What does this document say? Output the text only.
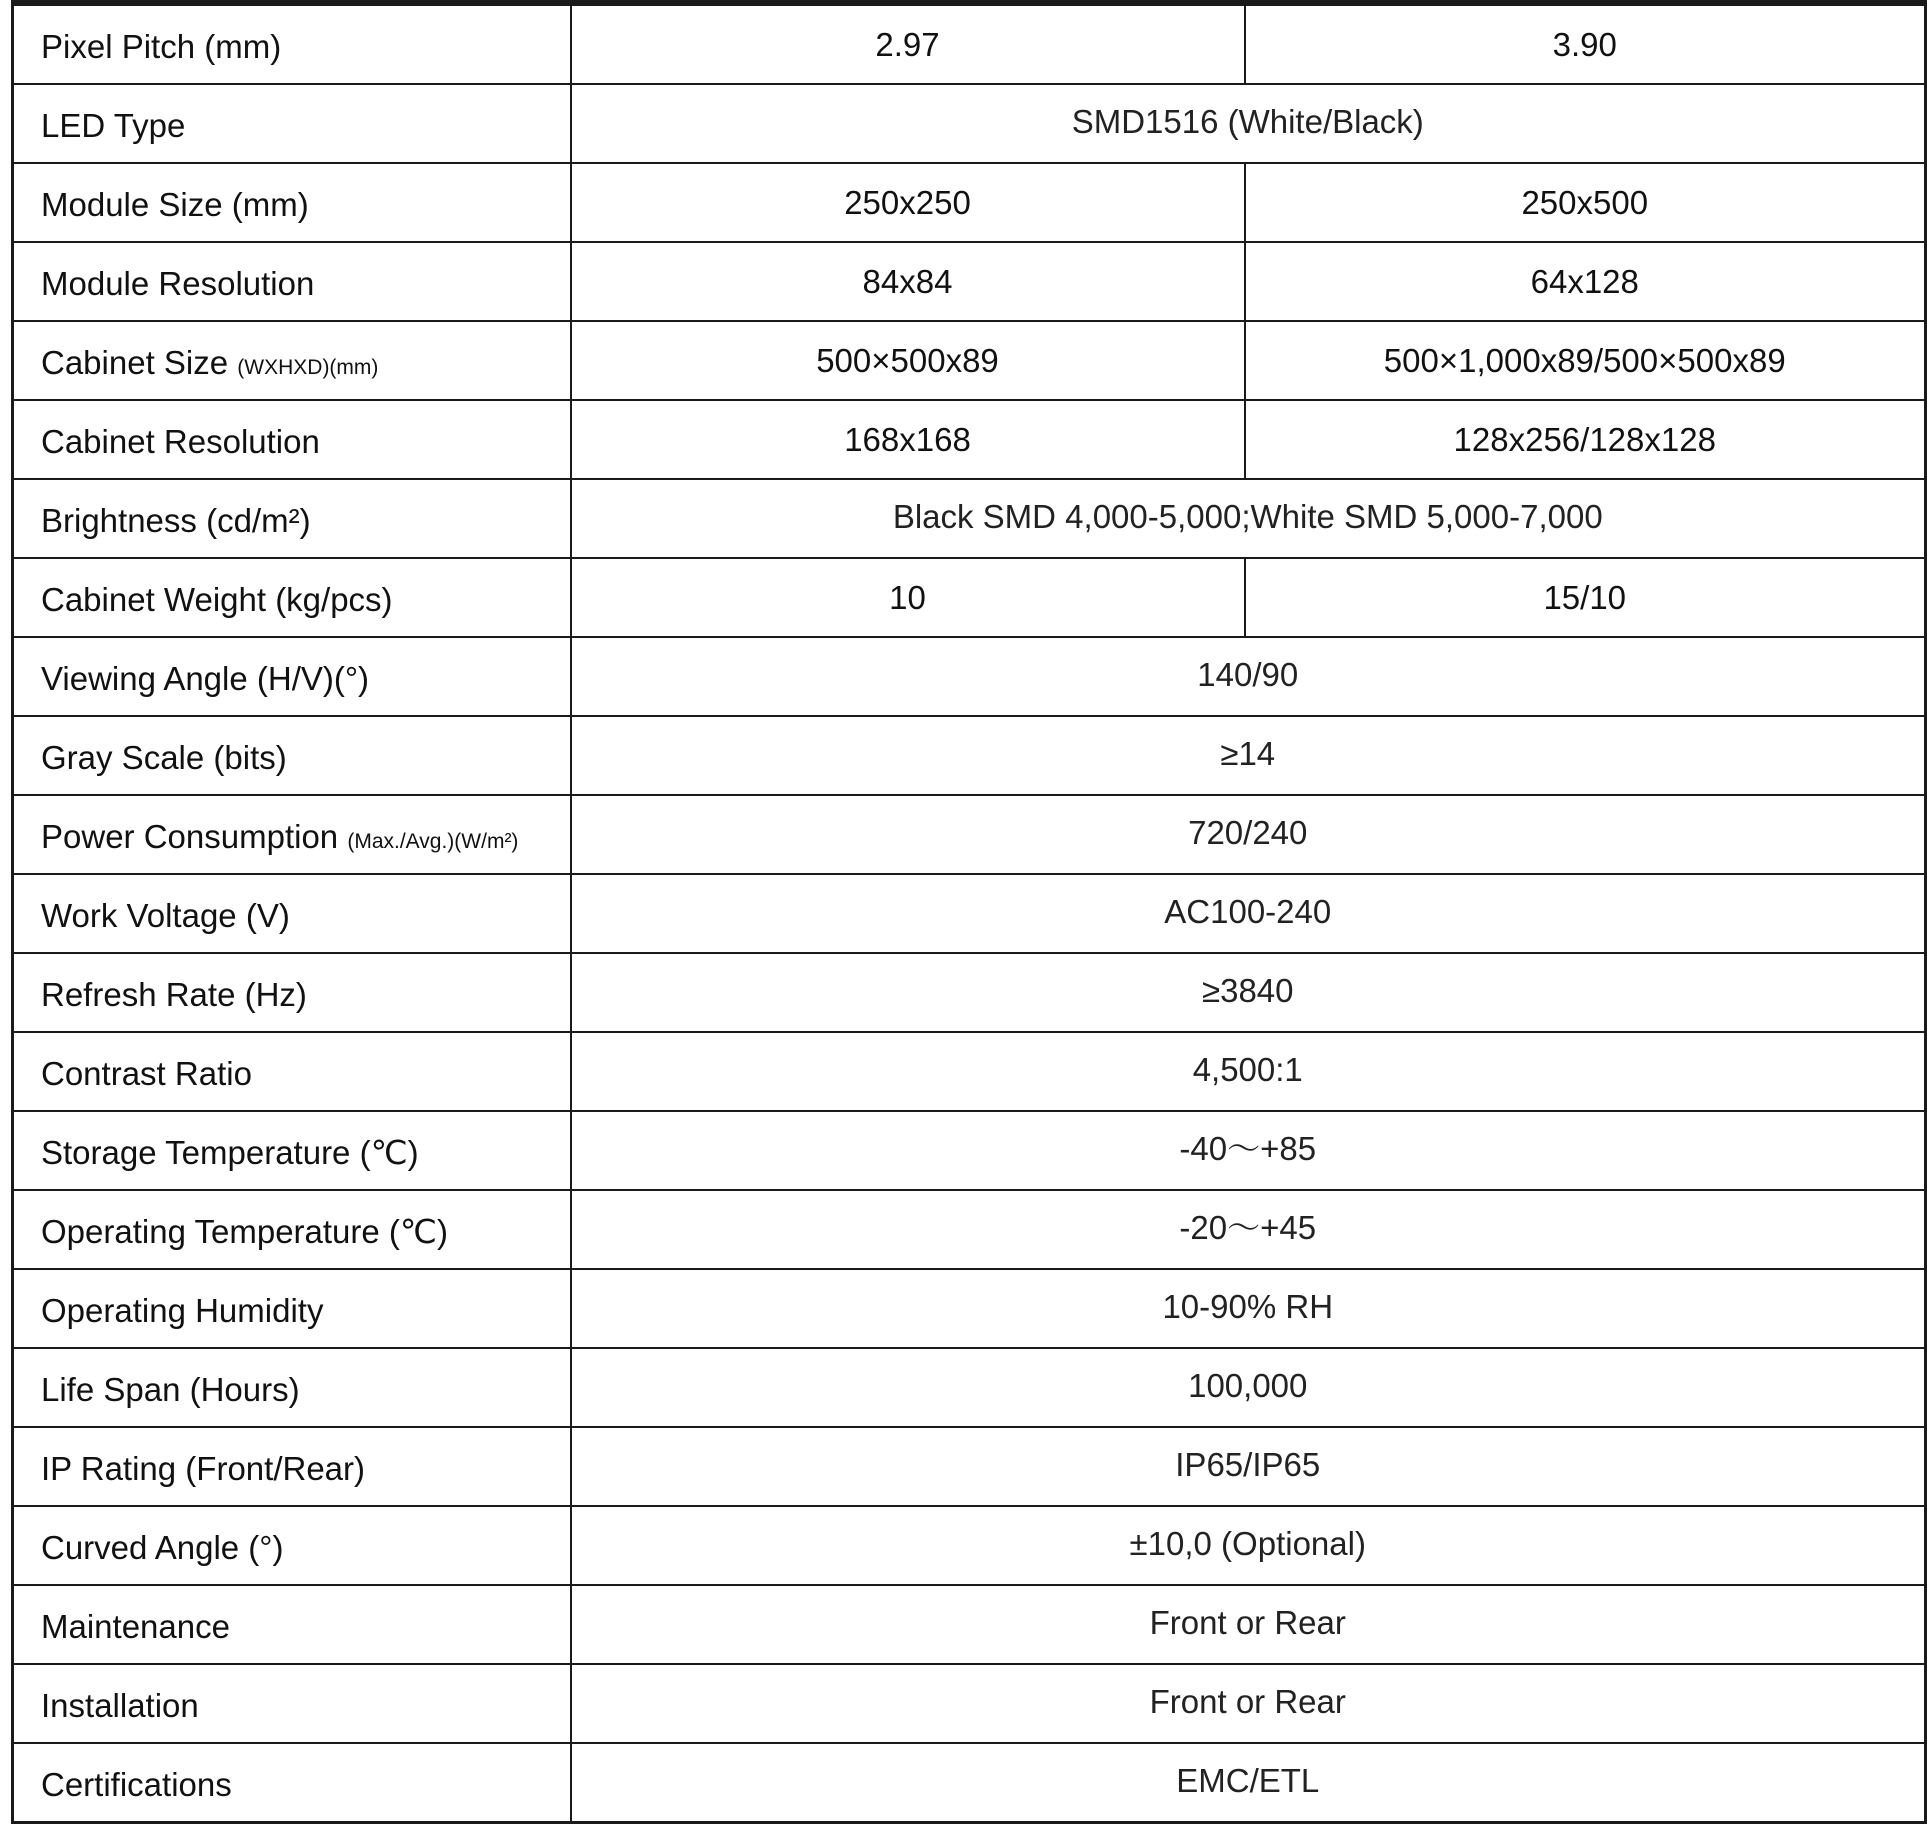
Pixel Pitch (mm)	2.97	3.90
LED Type	SMD1516 (White/Black)	
Module Size (mm)	250x250	250x500
Module Resolution	84x84	64x128
Cabinet Size (WXHXD)(mm)	500×500x89	500×1,000x89/500×500x89
Cabinet Resolution	168x168	128x256/128x128
Brightness (cd/m²)	Black SMD 4,000-5,000;White SMD 5,000-7,000	
Cabinet Weight (kg/pcs)	10	15/10
Viewing Angle (H/V)(°)	140/90	
Gray Scale (bits)	≥14	
Power Consumption (Max./Avg.)(W/m²)	720/240	
Work Voltage (V)	AC100-240	
Refresh Rate (Hz)	≥3840	
Contrast Ratio	4,500:1	
Storage Temperature (℃)	-40～+85	
Operating Temperature (℃)	-20～+45	
Operating Humidity	10-90% RH	
Life Span (Hours)	100,000	
IP Rating (Front/Rear)	IP65/IP65	
Curved Angle (°)	±10,0 (Optional)	
Maintenance	Front or Rear	
Installation	Front or Rear	
Certifications	EMC/ETL	
